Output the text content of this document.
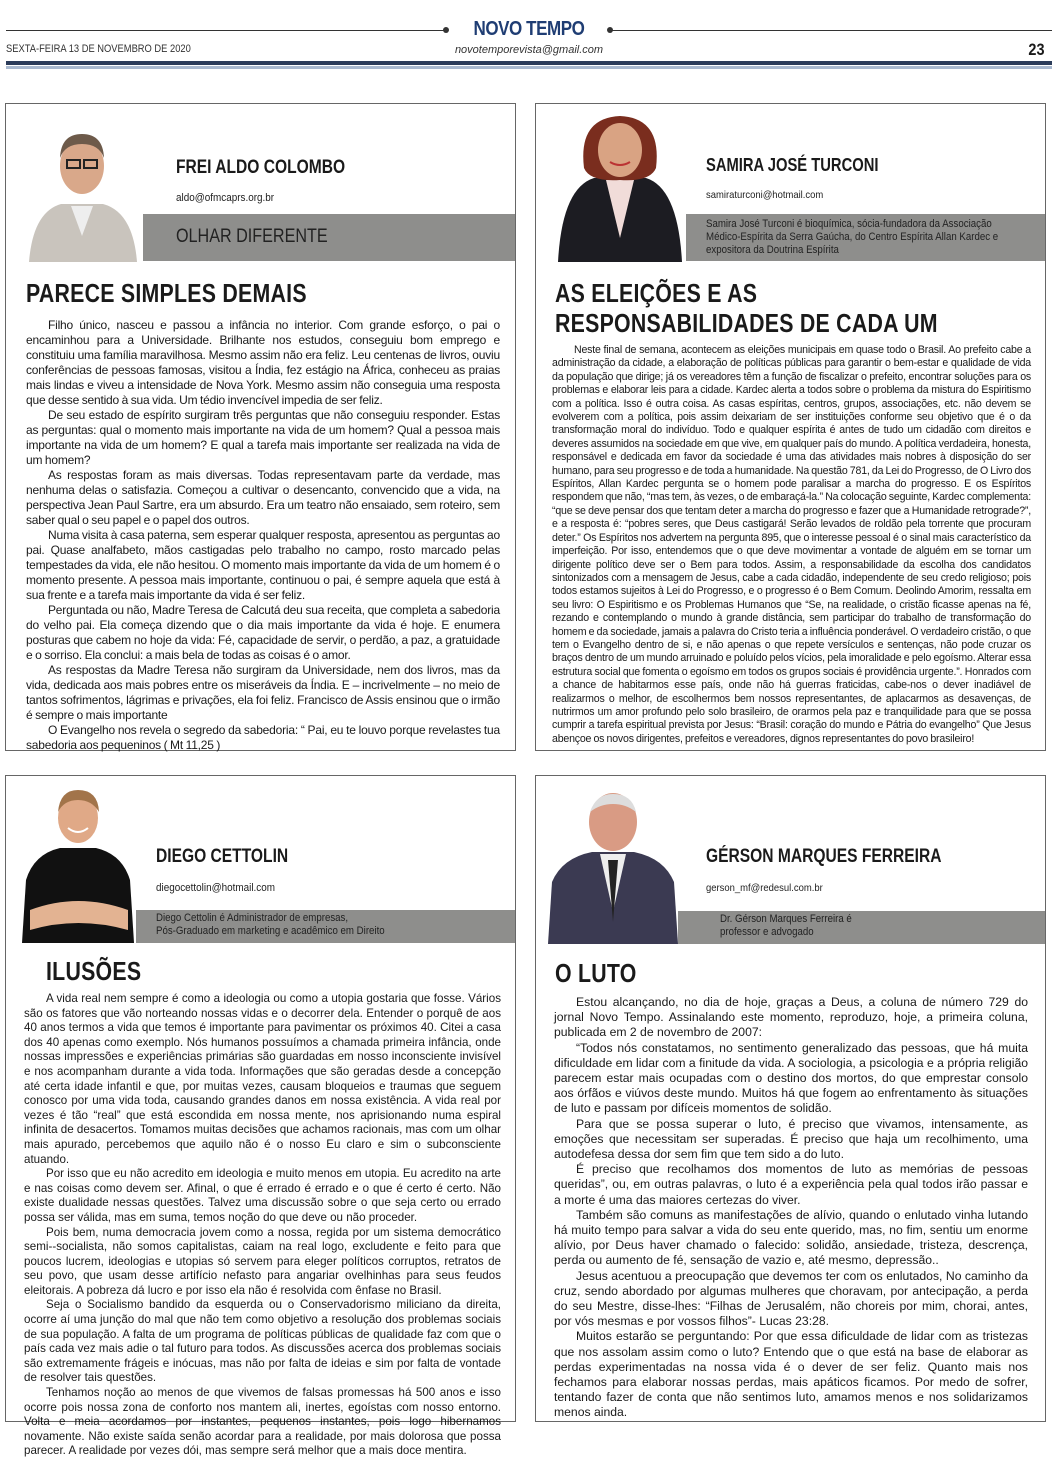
NOVO TEMPO
SEXTA-FEIRA 13 DE NOVEMBRO DE 2020	novotemporevista@gmail.com	23
FREI ALDO COLOMBO
aldo@ofmcaprs.org.br
OLHAR DIFERENTE
PARECE SIMPLES DEMAIS

Filho único, nasceu e passou a infância no interior. Com grande esforço, o pai o encaminhou para a Universidade. Brilhante nos estudos, conseguiu bom emprego e constituiu uma família maravilhosa. Mesmo assim não era feliz. Leu centenas de livros, ouviu conferências de pessoas famosas, visitou a Índia, fez estágio na África, conheceu as praias mais lindas e viveu a intensidade de Nova York. Mesmo assim não conseguia uma resposta que desse sentido à sua vida. Um tédio invencível impedia de ser feliz.

De seu estado de espírito surgiram três perguntas que não conseguiu responder. Estas as perguntas: qual o momento mais importante na vida de um homem? Qual a pessoa mais importante na vida de um homem? E qual a tarefa mais importante ser realizada na vida de um homem?

As respostas foram as mais diversas. Todas representavam parte da verdade, mas nenhuma delas o satisfazia. Começou a cultivar o desencanto, convencido que a vida, na perspectiva Jean Paul Sartre, era um absurdo. Era um teatro não ensaiado, sem roteiro, sem saber qual o seu papel e o papel dos outros.

Numa visita à casa paterna, sem esperar qualquer resposta, apresentou as perguntas ao pai. Quase analfabeto, mãos castigadas pelo trabalho no campo, rosto marcado pelas tempestades da vida, ele não hesitou. O momento mais importante da vida de um homem é o momento presente. A pessoa mais importante, continuou o pai, é sempre aquela que está à sua frente e a tarefa mais importante da vida é ser feliz.

Perguntada ou não, Madre Teresa de Calcutá deu sua receita, que completa a sabedoria do velho pai. Ela começa dizendo que o dia mais importante da vida é hoje. E enumera posturas que cabem no hoje da vida: Fé, capacidade de servir, o perdão, a paz, a gratuidade e o sorriso. Ela conclui: a mais bela de todas as coisas é o amor.

As respostas da Madre Teresa não surgiram da Universidade, nem dos livros, mas da vida, dedicada aos mais pobres entre os miseráveis da Índia. E – incrivelmente – no meio de tantos sofrimentos, lágrimas e privações, ela foi feliz. Francisco de Assis ensinou que o irmão é sempre o mais importante

O Evangelho nos revela o segredo da sabedoria: “ Pai, eu te louvo porque revelastes tua sabedoria aos pequeninos ( Mt 11,25 )

SAMIRA JOSÉ TURCONI
samiraturconi@hotmail.com
Samira José Turconi é bioquímica, sócia-fundadora da Associação
Médico-Espírita da Serra Gaúcha, do Centro Espírita Allan Kardec e
expositora da Doutrina Espírita
AS ELEIÇÕES E AS
RESPONSABILIDADES DE CADA UM

Neste final de semana, acontecem as eleições municipais em quase todo o Brasil. Ao prefeito cabe a administração da cidade, a elaboração de políticas públicas para garantir o bem-estar e qualidade de vida da população que dirige; já os vereadores têm a função de fiscalizar o prefeito, encontrar soluções para os problemas e elaborar leis para a cidade. Kardec alerta a todos sobre o problema da mistura do Espiritismo com a política. Isso é outra coisa. As casas espíritas, centros, grupos, associações, etc. não devem se evolverem com a política, pois assim deixariam de ser instituições conforme seu objetivo que é o da transformação moral do indivíduo. Todo e qualquer espírita é antes de tudo um cidadão com direitos e deveres assumidos na sociedade em que vive, em qualquer país do mundo. A política verdadeira, honesta, responsável e dedicada em favor da sociedade é uma das atividades mais nobres à disposição do ser humano, para seu progresso e de toda a humanidade. Na questão 781, da Lei do Progresso, de O Livro dos Espíritos, Allan Kardec pergunta se o homem pode paralisar a marcha do progresso. E os Espíritos respondem que não, “mas tem, às vezes, o de embaraçá-la.” Na colocação seguinte, Kardec complementa: “que se deve pensar dos que tentam deter a marcha do progresso e fazer que a Humanidade retrograde?”, e a resposta é: “pobres seres, que Deus castigará! Serão levados de roldão pela torrente que procuram deter.” Os Espíritos nos advertem na pergunta 895, que o interesse pessoal é o sinal mais característico da imperfeição. Por isso, entendemos que o que deve movimentar a vontade de alguém em se tornar um dirigente político deve ser o Bem para todos. Assim, a responsabilidade da escolha dos candidatos sintonizados com a mensagem de Jesus, cabe a cada cidadão, independente de seu credo religioso; pois todos estamos sujeitos à Lei do Progresso, e o progresso é o Bem Comum. Deolindo Amorim, ressalta em seu livro: O Espiritismo e os Problemas Humanos que “Se, na realidade, o cristão ficasse apenas na fé, rezando e contemplando o mundo à grande distância, sem participar do trabalho de transformação do homem e da sociedade, jamais a palavra do Cristo teria a influência ponderável. O verdadeiro cristão, o que tem o Evangelho dentro de si, e não apenas o que repete versículos e sentenças, não pode cruzar os braços dentro de um mundo arruinado e poluído pelos vícios, pela imoralidade e pelo egoísmo. Alterar essa estrutura social que fomenta o egoísmo em todos os grupos sociais é providência urgente.”. Honrados com a chance de habitarmos esse país, onde não há guerras fraticidas, cabe-nos o dever inadiável de realizarmos o melhor, de escolhermos bem nossos representantes, de aplacarmos as desavenças, de nutrirmos um amor profundo pelo solo brasileiro, de orarmos pela paz e tranquilidade para que se possa cumprir a tarefa espiritual prevista por Jesus: “Brasil: coração do mundo e Pátria do evangelho” Que Jesus abençoe os novos dirigentes, prefeitos e vereadores, dignos representantes do povo brasileiro!

DIEGO CETTOLIN
diegocettolin@hotmail.com
Diego Cettolin é Administrador de empresas,
Pós-Graduado em marketing e acadêmico em Direito
ILUSÕES

A vida real nem sempre é como a ideologia ou como a utopia gostaria que fosse. Vários são os fatores que vão norteando nossas vidas e o decorrer dela. Entender o porquê de aos 40 anos termos a vida que temos é importante para pavimentar os próximos 40. Citei a casa dos 40 apenas como exemplo. Nós humanos possuímos a chamada primeira infância, onde nossas impressões e experiências primárias são guardadas em nosso inconsciente invisível e nos acompanham durante a vida toda. Informações que são geradas desde a concepção até certa idade infantil e que, por muitas vezes, causam bloqueios e traumas que seguem conosco por uma vida toda, causando grandes danos em nossa existência. A vida real por vezes é tão “real” que está escondida em nossa mente, nos aprisionando numa espiral infinita de desacertos. Tomamos muitas decisões que achamos racionais, mas com um olhar mais apurado, percebemos que aquilo não é o nosso Eu claro e sim o subconsciente atuando.

Por isso que eu não acredito em ideologia e muito menos em utopia. Eu acredito na arte e nas coisas como devem ser. Afinal, o que é errado é errado e o que é certo é certo. Não existe dualidade nessas questões. Talvez uma discussão sobre o que seja certo ou errado possa ser válida, mas em suma, temos noção do que deve ou não proceder.

Pois bem, numa democracia jovem como a nossa, regida por um sistema democrático semi--socialista, não somos capitalistas, caiam na real logo, excludente e feito para que poucos lucrem, ideologias e utopias só servem para eleger políticos corruptos, retratos de seu povo, que usam desse artifício nefasto para angariar ovelhinhas para seus feudos eleitorais. A pobreza dá lucro e por isso ela não é resolvida com ênfase no Brasil.

Seja o Socialismo bandido da esquerda ou o Conservadorismo miliciano da direita, ocorre aí uma junção do mal que não tem como objetivo a resolução dos problemas sociais de sua população. A falta de um programa de políticas públicas de qualidade faz com que o país cada vez mais adie o tal futuro para todos. As discussões acerca dos problemas sociais são extremamente frágeis e inócuas, mas não por falta de ideias e sim por falta de vontade de resolver tais questões.

Tenhamos noção ao menos de que vivemos de falsas promessas há 500 anos e isso ocorre pois nossa zona de conforto nos mantem ali, inertes, egoístas com nosso entorno. Volta e meia acordamos por instantes, pequenos instantes, pois logo hibernamos novamente. Não existe saída senão acordar para a realidade, por mais dolorosa que possa parecer. A realidade por vezes dói, mas sempre será melhor que a mais doce mentira.

GÉRSON MARQUES FERREIRA
gerson_mf@redesul.com.br
Dr. Gérson Marques Ferreira é
professor e advogado
O LUTO

Estou alcançando, no dia de hoje, graças a Deus, a coluna de número 729 do jornal Novo Tempo. Assinalando este momento, reproduzo, hoje, a primeira coluna, publicada em 2 de novembro de 2007:

“Todos nós constatamos, no sentimento generalizado das pessoas, que há muita dificuldade em lidar com a finitude da vida. A sociologia, a psicologia e a própria religião parecem estar mais ocupadas com o destino dos mortos, do que emprestar consolo aos órfãos e viúvos deste mundo. Muitos há que fogem ao enfrentamento às situações de luto e passam por difíceis momentos de solidão.

Para que se possa superar o luto, é preciso que vivamos, intensamente, as emoções que necessitam ser superadas. É preciso que haja um recolhimento, uma autodefesa dessa dor sem fim que tem sido a do luto.

É preciso que recolhamos dos momentos de luto as memórias de pessoas queridas”, ou, em outras palavras, o luto é a experiência pela qual todos irão passar e a morte é uma das maiores certezas do viver.

Também são comuns as manifestações de alívio, quando o enlutado vinha lutando há muito tempo para salvar a vida do seu ente querido, mas, no fim, sentiu um enorme alívio, por Deus haver chamado o falecido: solidão, ansiedade, tristeza, descrença, perda ou aumento de fé, sensação de vazio e, até mesmo, depressão..

Jesus acentuou a preocupação que devemos ter com os enlutados, No caminho da cruz, sendo abordado por algumas mulheres que choravam, por antecipação, a perda do seu Mestre, disse-lhes: “Filhas de Jerusalém, não choreis por mim, chorai, antes, por vós mesmas e por vossos filhos”- Lucas 23:28.

Muitos estarão se perguntando: Por que essa dificuldade de lidar com as tristezas que nos assolam assim como o luto? Entendo que o que está na base de elaborar as perdas experimentadas na nossa vida é o dever de ser feliz. Quanto mais nos fechamos para elaborar nossas perdas, mais apáticos ficamos. Por medo de sofrer, tentando fazer de conta que não sentimos luto, amamos menos e nos solidarizamos menos ainda.
